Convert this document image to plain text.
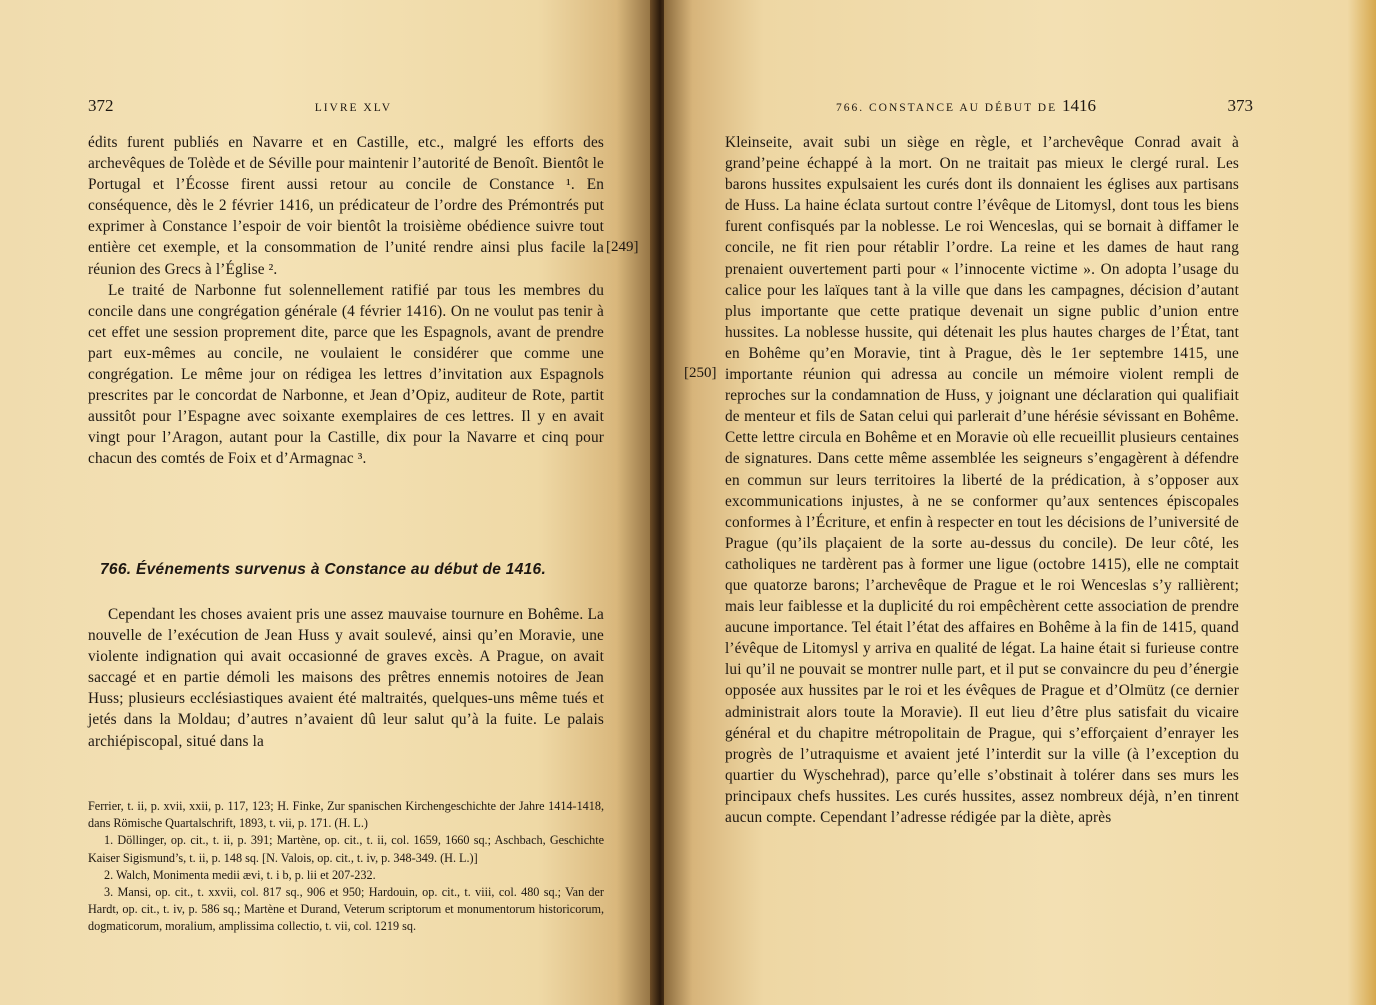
372	LIVRE XLV

édits furent publiés en Navarre et en Castille, etc., malgré les efforts des archevêques de Tolède et de Séville pour maintenir l’autorité de Benoît. Bientôt le Portugal et l’Écosse firent aussi retour au concile de Constance ¹. En conséquence, dès le 2 février 1416, un prédicateur de l’ordre des Prémontrés put exprimer à Constance l’espoir de voir bientôt la troisième obédience suivre tout entière cet exemple, et la consommation de l’unité rendre ainsi plus facile la réunion des Grecs à l’Église ².

Le traité de Narbonne fut solennellement ratifié par tous les membres du concile dans une congrégation générale (4 février 1416). On ne voulut pas tenir à cet effet une session proprement dite, parce que les Espagnols, avant de prendre part eux-mêmes au concile, ne voulaient le considérer que comme une congrégation. Le même jour on rédigea les lettres d’invitation aux Espagnols prescrites par le concordat de Narbonne, et Jean d’Opiz, auditeur de Rote, partit aussitôt pour l’Espagne avec soixante exemplaires de ces lettres. Il y en avait vingt pour l’Aragon, autant pour la Castille, dix pour la Navarre et cinq pour chacun des comtés de Foix et d’Armagnac ³.

766. Événements survenus à Constance au début de 1416.

Cependant les choses avaient pris une assez mauvaise tournure en Bohême. La nouvelle de l’exécution de Jean Huss y avait soulevé, ainsi qu’en Moravie, une violente indignation qui avait occasionné de graves excès. A Prague, on avait saccagé et en partie démoli les maisons des prêtres ennemis notoires de Jean Huss; plusieurs ecclésiastiques avaient été maltraités, quelques-uns même tués et jetés dans la Moldau; d’autres n’avaient dû leur salut qu’à la fuite. Le palais archiépiscopal, situé dans la

Ferrier, t. ii, p. xvii, xxii, p. 117, 123; H. Finke, Zur spanischen Kirchengeschichte der Jahre 1414-1418, dans Römische Quartalschrift, 1893, t. vii, p. 171. (H. L.)

1. Döllinger, op. cit., t. ii, p. 391; Martène, op. cit., t. ii, col. 1659, 1660 sq.; Aschbach, Geschichte Kaiser Sigismund’s, t. ii, p. 148 sq. [N. Valois, op. cit., t. iv, p. 348-349. (H. L.)]

2. Walch, Monimenta medii ævi, t. i b, p. lii et 207-232.

3. Mansi, op. cit., t. xxvii, col. 817 sq., 906 et 950; Hardouin, op. cit., t. viii, col. 480 sq.; Van der Hardt, op. cit., t. iv, p. 586 sq.; Martène et Durand, Veterum scriptorum et monumentorum historicorum, dogmaticorum, moralium, amplissima collectio, t. vii, col. 1219 sq.

[249]
766. CONSTANCE AU DÉBUT DE 1416	373

Kleinseite, avait subi un siège en règle, et l’archevêque Conrad avait à grand’peine échappé à la mort. On ne traitait pas mieux le clergé rural. Les barons hussites expulsaient les curés dont ils donnaient les églises aux partisans de Huss. La haine éclata surtout contre l’évêque de Litomysl, dont tous les biens furent confisqués par la noblesse. Le roi Wenceslas, qui se bornait à diffamer le concile, ne fit rien pour rétablir l’ordre. La reine et les dames de haut rang prenaient ouvertement parti pour « l’innocente victime ». On adopta l’usage du calice pour les laïques tant à la ville que dans les campagnes, décision d’autant plus importante que cette pratique devenait un signe public d’union entre hussites. La noblesse hussite, qui détenait les plus hautes charges de l’État, tant en Bohême qu’en Moravie, tint à Prague, dès le 1er septembre 1415, une importante réunion qui adressa au concile un mémoire violent rempli de reproches sur la condamnation de Huss, y joignant une déclaration qui qualifiait de menteur et fils de Satan celui qui parlerait d’une hérésie sévissant en Bohême. Cette lettre circula en Bohême et en Moravie où elle recueillit plusieurs centaines de signatures. Dans cette même assemblée les seigneurs s’engagèrent à défendre en commun sur leurs territoires la liberté de la prédication, à s’opposer aux excommunications injustes, à ne se conformer qu’aux sentences épiscopales conformes à l’Écriture, et enfin à respecter en tout les décisions de l’université de Prague (qu’ils plaçaient de la sorte au-dessus du concile). De leur côté, les catholiques ne tardèrent pas à former une ligue (octobre 1415), elle ne comptait que quatorze barons; l’archevêque de Prague et le roi Wenceslas s’y rallièrent; mais leur faiblesse et la duplicité du roi empêchèrent cette association de prendre aucune importance. Tel était l’état des affaires en Bohême à la fin de 1415, quand l’évêque de Litomysl y arriva en qualité de légat. La haine était si furieuse contre lui qu’il ne pouvait se montrer nulle part, et il put se convaincre du peu d’énergie opposée aux hussites par le roi et les évêques de Prague et d’Olmütz (ce dernier administrait alors toute la Moravie). Il eut lieu d’être plus satisfait du vicaire général et du chapitre métropolitain de Prague, qui s’efforçaient d’enrayer les progrès de l’utraquisme et avaient jeté l’interdit sur la ville (à l’exception du quartier du Wyschehrad), parce qu’elle s’obstinait à tolérer dans ses murs les principaux chefs hussites. Les curés hussites, assez nombreux déjà, n’en tinrent aucun compte. Cependant l’adresse rédigée par la diète, après

[250]
